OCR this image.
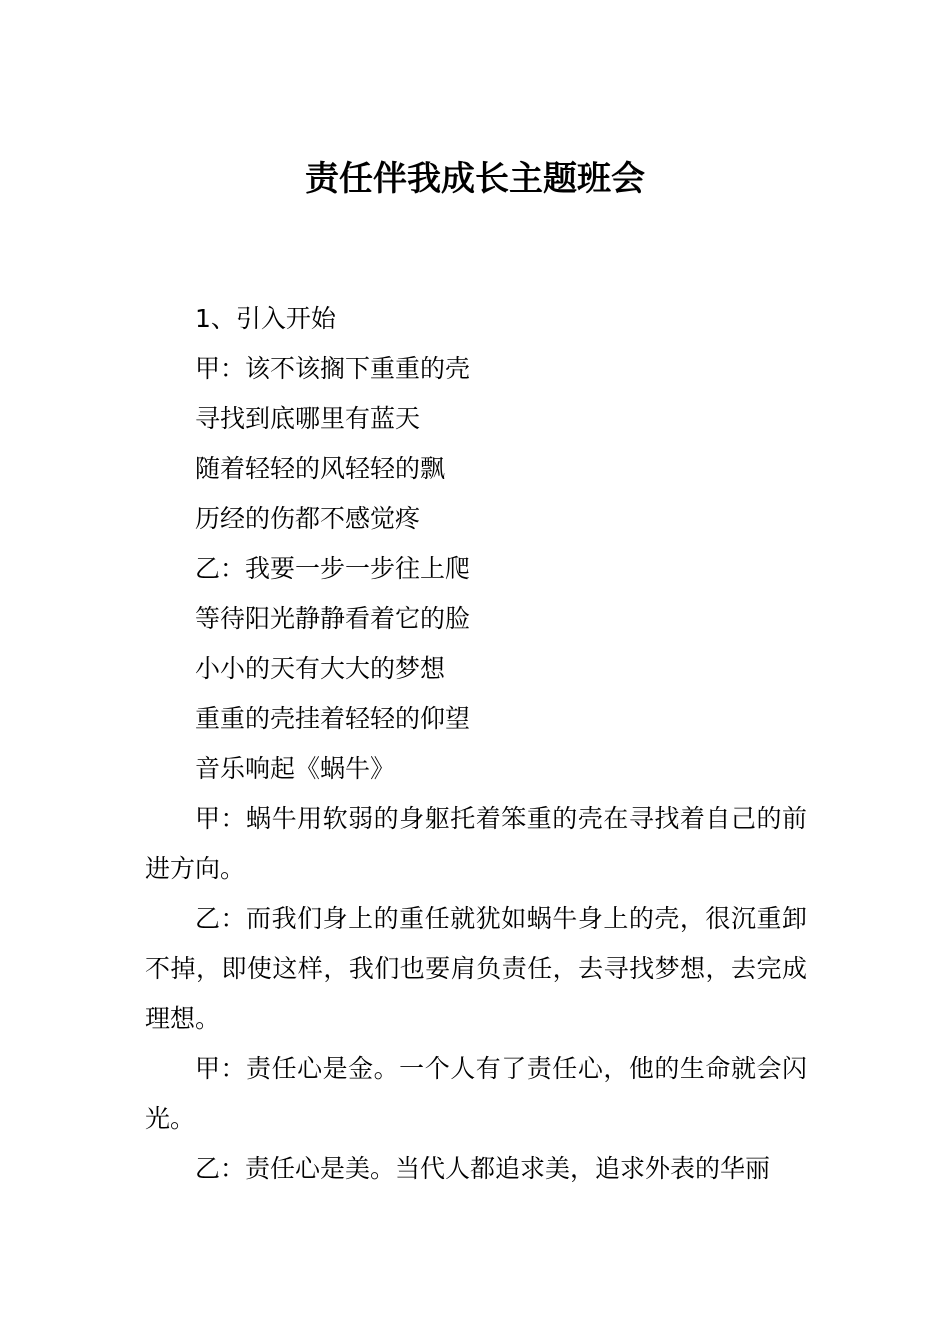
责任伴我成长主题班会
1、引入开始
甲：该不该搁下重重的壳
寻找到底哪里有蓝天
随着轻轻的风轻轻的飘
历经的伤都不感觉疼
乙：我要一步一步往上爬
等待阳光静静看着它的脸
小小的天有大大的梦想
重重的壳挂着轻轻的仰望
音乐响起《蜗牛》
甲：蜗牛用软弱的身躯托着笨重的壳在寻找着自己的前进方向。
乙：而我们身上的重任就犹如蜗牛身上的壳，很沉重卸不掉，即使这样，我们也要肩负责任，去寻找梦想，去完成理想。
甲：责任心是金。一个人有了责任心，他的生命就会闪光。
乙：责任心是美。当代人都追求美，追求外表的华丽
